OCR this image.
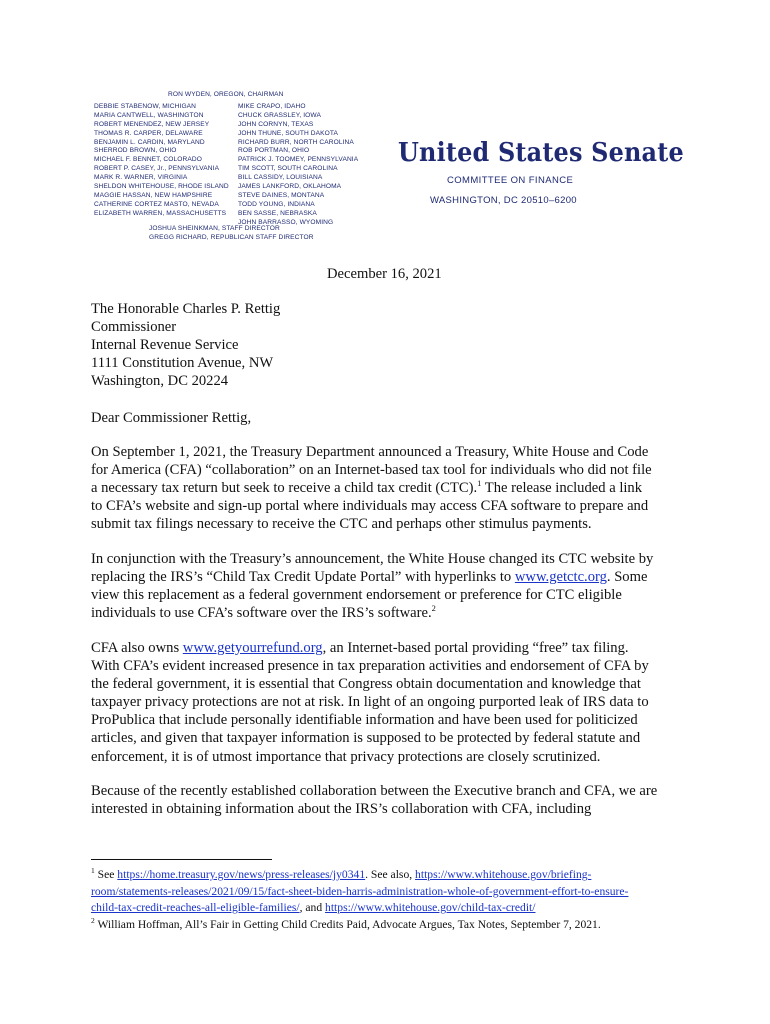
RON WYDEN, OREGON, CHAIRMAN
DEBBIE STABENOW, MICHIGAN
MARIA CANTWELL, WASHINGTON
ROBERT MENENDEZ, NEW JERSEY
THOMAS R. CARPER, DELAWARE
BENJAMIN L. CARDIN, MARYLAND
SHERROD BROWN, OHIO
MICHAEL F. BENNET, COLORADO
ROBERT P. CASEY, Jr., PENNSYLVANIA
MARK R. WARNER, VIRGINIA
SHELDON WHITEHOUSE, RHODE ISLAND
MAGGIE HASSAN, NEW HAMPSHIRE
CATHERINE CORTEZ MASTO, NEVADA
ELIZABETH WARREN, MASSACHUSETTS
MIKE CRAPO, IDAHO
CHUCK GRASSLEY, IOWA
JOHN CORNYN, TEXAS
JOHN THUNE, SOUTH DAKOTA
RICHARD BURR, NORTH CAROLINA
ROB PORTMAN, OHIO
PATRICK J. TOOMEY, PENNSYLVANIA
TIM SCOTT, SOUTH CAROLINA
BILL CASSIDY, LOUISIANA
JAMES LANKFORD, OKLAHOMA
STEVE DAINES, MONTANA
TODD YOUNG, INDIANA
BEN SASSE, NEBRASKA
JOHN BARRASSO, WYOMING
JOSHUA SHEINKMAN, STAFF DIRECTOR
GREGG RICHARD, REPUBLICAN STAFF DIRECTOR
United States Senate
COMMITTEE ON FINANCE
WASHINGTON, DC 20510–6200
December 16, 2021
The Honorable Charles P. Rettig
Commissioner
Internal Revenue Service
1111 Constitution Avenue, NW
Washington, DC 20224
Dear Commissioner Rettig,
On September 1, 2021, the Treasury Department announced a Treasury, White House and Code
for America (CFA) “collaboration” on an Internet-based tax tool for individuals who did not file
a necessary tax return but seek to receive a child tax credit (CTC).$^1$ The release included a link
to CFA’s website and sign-up portal where individuals may access CFA software to prepare and
submit tax filings necessary to receive the CTC and perhaps other stimulus payments.
In conjunction with the Treasury’s announcement, the White House changed its CTC website by
replacing the IRS’s “Child Tax Credit Update Portal” with hyperlinks to www.getctc.org. Some
view this replacement as a federal government endorsement or preference for CTC eligible
individuals to use CFA’s software over the IRS’s software.$^2$
CFA also owns www.getyourrefund.org, an Internet-based portal providing “free” tax filing.
With CFA’s evident increased presence in tax preparation activities and endorsement of CFA by
the federal government, it is essential that Congress obtain documentation and knowledge that
taxpayer privacy protections are not at risk. In light of an ongoing purported leak of IRS data to
ProPublica that include personally identifiable information and have been used for politicized
articles, and given that taxpayer information is supposed to be protected by federal statute and
enforcement, it is of utmost importance that privacy protections are closely scrutinized.
Because of the recently established collaboration between the Executive branch and CFA, we are
interested in obtaining information about the IRS’s collaboration with CFA, including
$^1$ See https://home.treasury.gov/news/press-releases/jy0341. See also, https://www.whitehouse.gov/briefing-
room/statements-releases/2021/09/15/fact-sheet-biden-harris-administration-whole-of-government-effort-to-ensure-
child-tax-credit-reaches-all-eligible-families/, and https://www.whitehouse.gov/child-tax-credit/
$^2$ William Hoffman, All’s Fair in Getting Child Credits Paid, Advocate Argues, Tax Notes, September 7, 2021.
